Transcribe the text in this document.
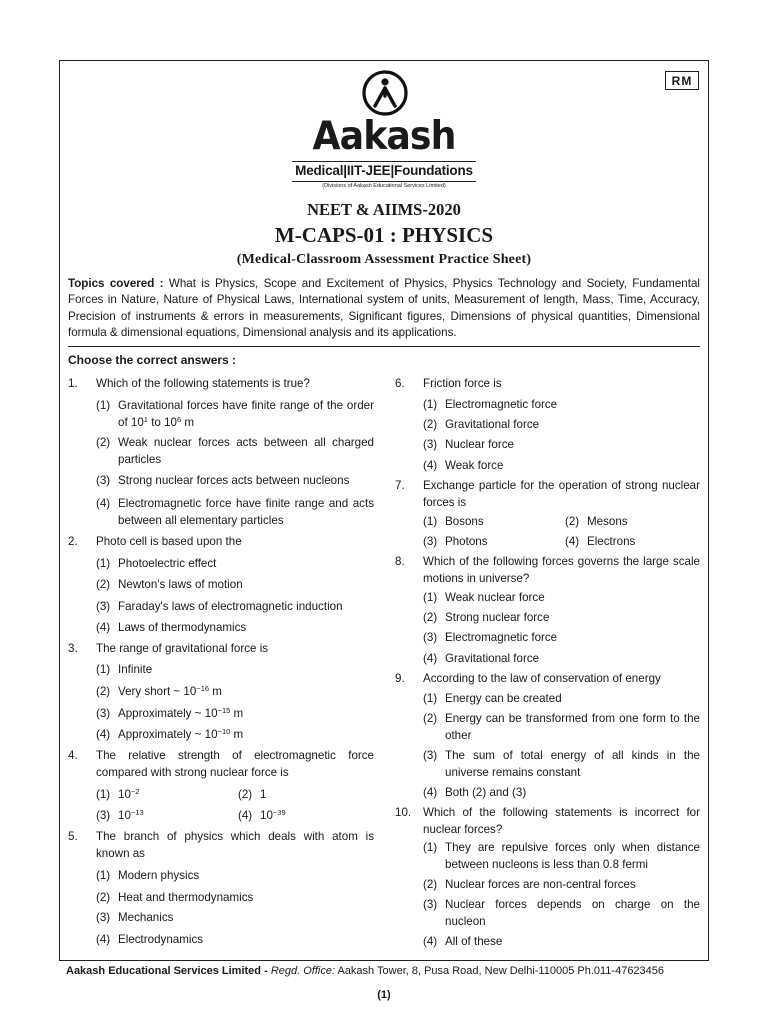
RM
Aakash
Medical|IIT-JEE|Foundations
(Divisions of Aakash Educational Services Limited)
NEET & AIIMS-2020
M-CAPS-01 : PHYSICS
(Medical-Classroom Assessment Practice Sheet)
Topics covered : What is Physics, Scope and Excitement of Physics, Physics Technology and Society, Fundamental Forces in Nature, Nature of Physical Laws, International system of units, Measurement of length, Mass, Time, Accuracy, Precision of instruments & errors in measurements, Significant figures, Dimensions of physical quantities, Dimensional formula & dimensional equations, Dimensional analysis and its applications.
Choose the correct answers :
1. Which of the following statements is true?
(1) Gravitational forces have finite range of the order of $10^1$ to $10^6$ m
(2) Weak nuclear forces acts between all charged particles
(3) Strong nuclear forces acts between nucleons
(4) Electromagnetic force have finite range and acts between all elementary particles
2. Photo cell is based upon the
(1) Photoelectric effect
(2) Newton's laws of motion
(3) Faraday's laws of electromagnetic induction
(4) Laws of thermodynamics
3. The range of gravitational force is
(1) Infinite
(2) Very short ~ $10^{-16}$ m
(3) Approximately ~ $10^{-15}$ m
(4) Approximately ~ $10^{-10}$ m
4. The relative strength of electromagnetic force compared with strong nuclear force is
(1) $10^{-2}$	(2) 1
(3) $10^{-13}$	(4) $10^{-39}$
5. The branch of physics which deals with atom is known as
(1) Modern physics
(2) Heat and thermodynamics
(3) Mechanics
(4) Electrodynamics
6. Friction force is
(1) Electromagnetic force
(2) Gravitational force
(3) Nuclear force
(4) Weak force
7. Exchange particle for the operation of strong nuclear forces is
(1) Bosons	(2) Mesons
(3) Photons	(4) Electrons
8. Which of the following forces governs the large scale motions in universe?
(1) Weak nuclear force
(2) Strong nuclear force
(3) Electromagnetic force
(4) Gravitational force
9. According to the law of conservation of energy
(1) Energy can be created
(2) Energy can be transformed from one form to the other
(3) The sum of total energy of all kinds in the universe remains constant
(4) Both (2) and (3)
10. Which of the following statements is incorrect for nuclear forces?
(1) They are repulsive forces only when distance between nucleons is less than 0.8 fermi
(2) Nuclear forces are non-central forces
(3) Nuclear forces depends on charge on the nucleon
(4) All of these
Aakash Educational Services Limited - Regd. Office: Aakash Tower, 8, Pusa Road, New Delhi-110005 Ph.011-47623456
(1)
